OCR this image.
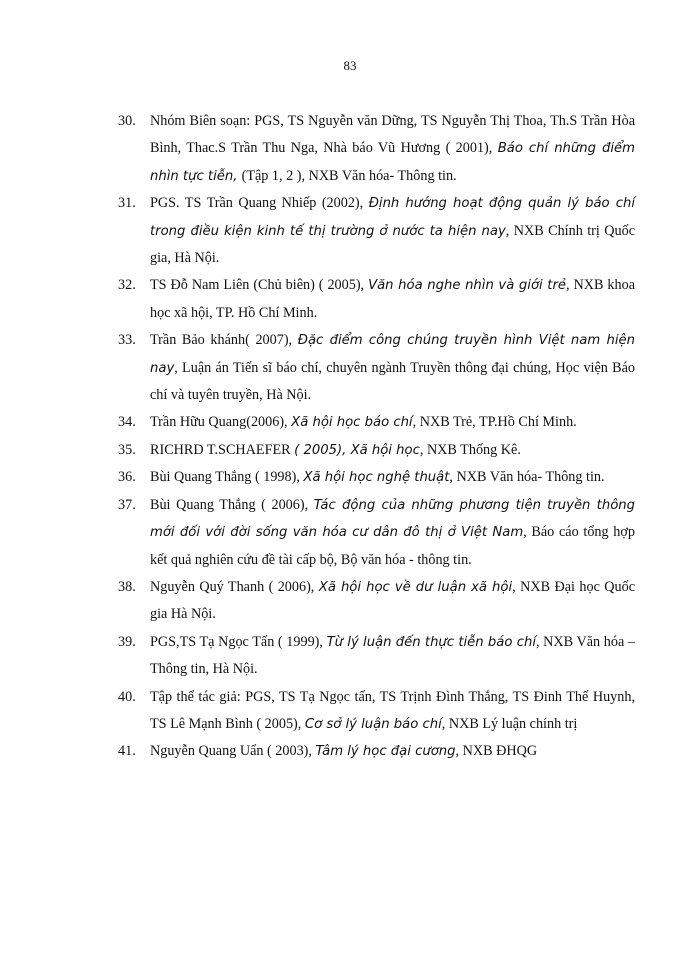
83
30.	Nhóm Biên soạn: PGS, TS Nguyễn văn Dững, TS Nguyễn Thị Thoa, Th.S Trần Hòa Bình, Thac.S Trần Thu Nga, Nhà báo Vũ Hương ( 2001), Báo chí những điểm nhìn tực tiễn, (Tập 1, 2 ), NXB Văn hóa- Thông tin.
31.	PGS. TS Trần Quang Nhiếp (2002), Định hướng hoạt động quản lý báo chí trong điều kiện kinh tế thị trường ở nước ta hiện nay, NXB Chính trị Quốc gia, Hà Nội.
32.	TS Đỗ Nam Liên (Chủ biên) ( 2005), Văn hóa nghe nhìn và giới trẻ, NXB khoa học xã hội, TP. Hồ Chí Minh.
33.	Trần Bảo khánh( 2007), Đặc điểm công chúng truyền hình Việt nam hiện nay, Luận án Tiến sĩ báo chí, chuyên ngành Truyền thông đại chúng, Học viện Báo chí và tuyên truyền, Hà Nội.
34.	Trần Hữu Quang(2006), Xã hội học báo chí, NXB Trẻ, TP.Hồ Chí Minh.
35.	RICHRD T.SCHAEFER ( 2005), Xã hội học, NXB Thống Kê.
36.	Bùi Quang Thắng ( 1998), Xã hội học nghệ thuật, NXB Văn hóa- Thông tin.
37.	Bùi Quang Thắng ( 2006), Tác động của những phương tiện truyền thông mới đối với đời sống văn hóa cư dân đô thị ở Việt Nam, Báo cáo tổng hợp kết quả nghiên cứu đề tài cấp bộ, Bộ văn hóa - thông tin.
38.	Nguyễn Quý Thanh ( 2006), Xã hội học về dư luận xã hội, NXB Đại học Quốc gia Hà Nội.
39.	PGS,TS Tạ Ngọc Tấn ( 1999), Từ lý luận đến thực tiễn báo chí, NXB Văn hóa – Thông tin, Hà Nội.
40.	Tập thể tác giả: PGS, TS Tạ Ngọc tấn, TS Trịnh Đình Thắng, TS Đinh Thế Huynh, TS Lê Mạnh Bình ( 2005), Cơ sở lý luận báo chí, NXB Lý luận chính trị
41.	Nguyễn Quang Uẩn ( 2003), Tâm lý học đại cương, NXB ĐHQG
